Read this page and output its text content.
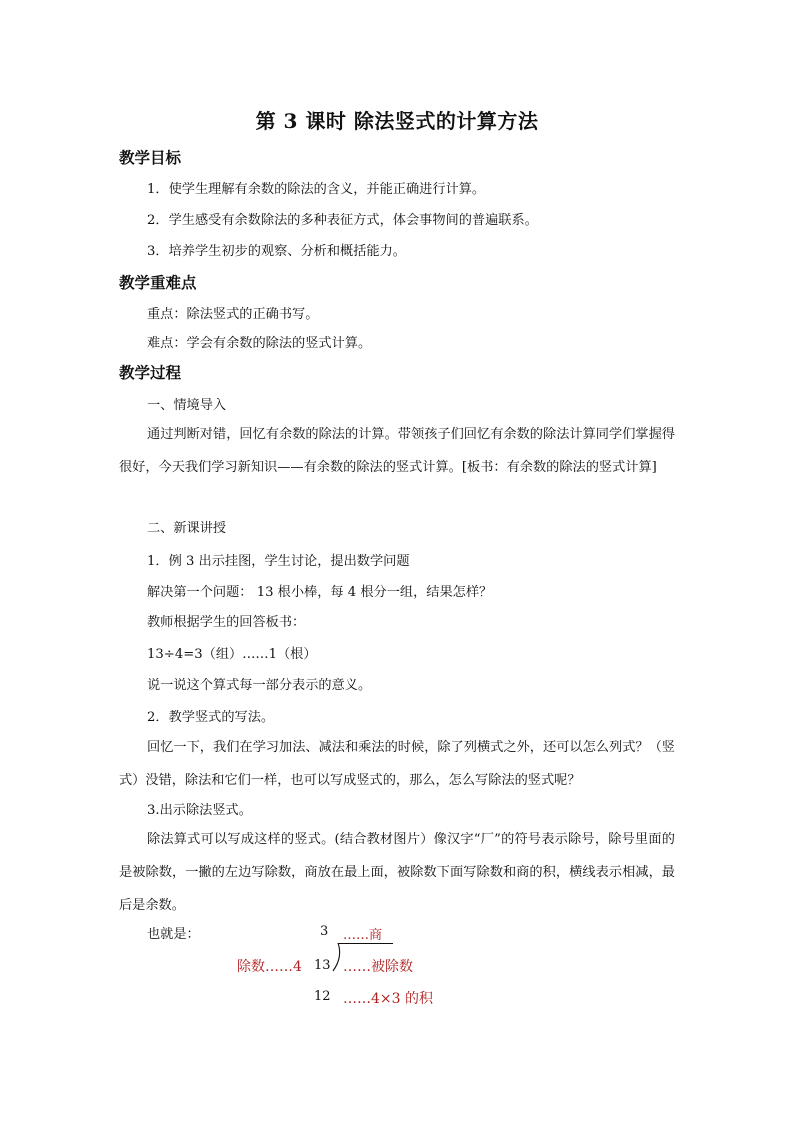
第 3 课时 除法竖式的计算方法
教学目标
1．使学生理解有余数的除法的含义，并能正确进行计算。
2．学生感受有余数除法的多种表征方式，体会事物间的普遍联系。
3．培养学生初步的观察、分析和概括能力。
教学重难点
重点：除法竖式的正确书写。
难点：学会有余数的除法的竖式计算。
教学过程
一、情境导入
通过判断对错，回忆有余数的除法的计算。带领孩子们回忆有余数的除法计算同学们掌握得很好，今天我们学习新知识——有余数的除法的竖式计算。[板书：有余数的除法的竖式计算]
二、新课讲授
1．例 3 出示挂图，学生讨论，提出数学问题
解决第一个问题： 13 根小棒，每 4 根分一组，结果怎样？
教师根据学生的回答板书：
13÷4=3（组）……1（根）
说一说这个算式每一部分表示的意义。
2．教学竖式的写法。
回忆一下，我们在学习加法、减法和乘法的时候，除了列横式之外，还可以怎么列式？（竖式）没错，除法和它们一样，也可以写成竖式的，那么，怎么写除法的竖式呢？
3.出示除法竖式。
除法算式可以写成这样的竖式。(结合教材图片）像汉字“厂”的符号表示除号，除号里面的是被除数，一撇的左边写除数，商放在最上面，被除数下面写除数和商的积，横线表示相减，最后是余数。
也就是：	3 ……商
除数……4 13 ……被除数
12 ……4×3 的积
